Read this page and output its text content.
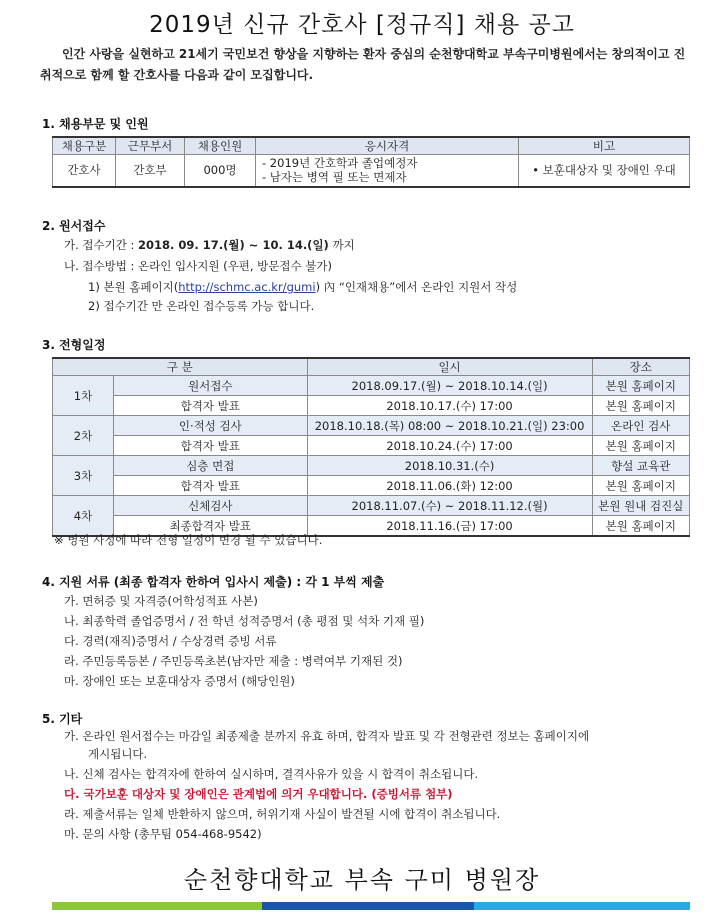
2019년 신규 간호사 [정규직] 채용 공고
인간 사랑을 실현하고 21세기 국민보건 향상을 지향하는 환자 중심의 순천향대학교 부속구미병원에서는 창의적이고 진취적으로 함께 할 간호사를 다음과 같이 모집합니다.
1. 채용부문 및 인원
채용구분	근무부서	채용인원	응시자격	비고
간호사	간호부	000명	- 2019년 간호학과 졸업예정자
- 남자는 병역 필 또는 면제자	• 보훈대상자 및 장애인 우대
2. 원서접수
가. 접수기간 : 2018. 09. 17.(월) ~ 10. 14.(일) 까지
나. 접수방법 : 온라인 입사지원 (우편, 방문접수 불가)
1) 본원 홈페이지(http://schmc.ac.kr/gumi) 內 “인재채용”에서 온라인 지원서 작성
2) 접수기간 만 온라인 접수등록 가능 합니다.
3. 전형일정
구 분		일시	장소
1차	원서접수	2018.09.17.(월) ~ 2018.10.14.(일)	본원 홈페이지
	합격자 발표	2018.10.17.(수) 17:00	본원 홈페이지
2차	인·적성 검사	2018.10.18.(목) 08:00 ~ 2018.10.21.(일) 23:00	온라인 검사
	합격자 발표	2018.10.24.(수) 17:00	본원 홈페이지
3차	심층 면접	2018.10.31.(수)	향설 교육관
	합격자 발표	2018.11.06.(화) 12:00	본원 홈페이지
4차	신체검사	2018.11.07.(수) ~ 2018.11.12.(월)	본원 원내 검진실
	최종합격자 발표	2018.11.16.(금) 17:00	본원 홈페이지
※ 병원 사정에 따라 전형 일정이 변경 될 수 있습니다.
4. 지원 서류 (최종 합격자 한하여 입사시 제출) : 각 1 부씩 제출
가. 면허증 및 자격증(어학성적표 사본)
나. 최종학력 졸업증명서 / 전 학년 성적증명서 (총 평점 및 석차 기재 필)
다. 경력(재직)증명서 / 수상경력 증빙 서류
라. 주민등록등본 / 주민등록초본(남자만 제출 : 병력여부 기재된 것)
마. 장애인 또는 보훈대상자 증명서 (해당인원)
5. 기타
가. 온라인 원서접수는 마감일 최종제출 분까지 유효 하며, 합격자 발표 및 각 전형관련 정보는 홈페이지에
게시됩니다.
나. 신체 검사는 합격자에 한하여 실시하며, 결격사유가 있을 시 합격이 취소됩니다.
다. 국가보훈 대상자 및 장애인은 관계법에 의거 우대합니다. (증빙서류 첨부)
라. 제출서류는 일체 반환하지 않으며, 허위기재 사실이 발견될 시에 합격이 취소됩니다.
마. 문의 사항 (총무팀 054-468-9542)
순천향대학교 부속 구미 병원장
